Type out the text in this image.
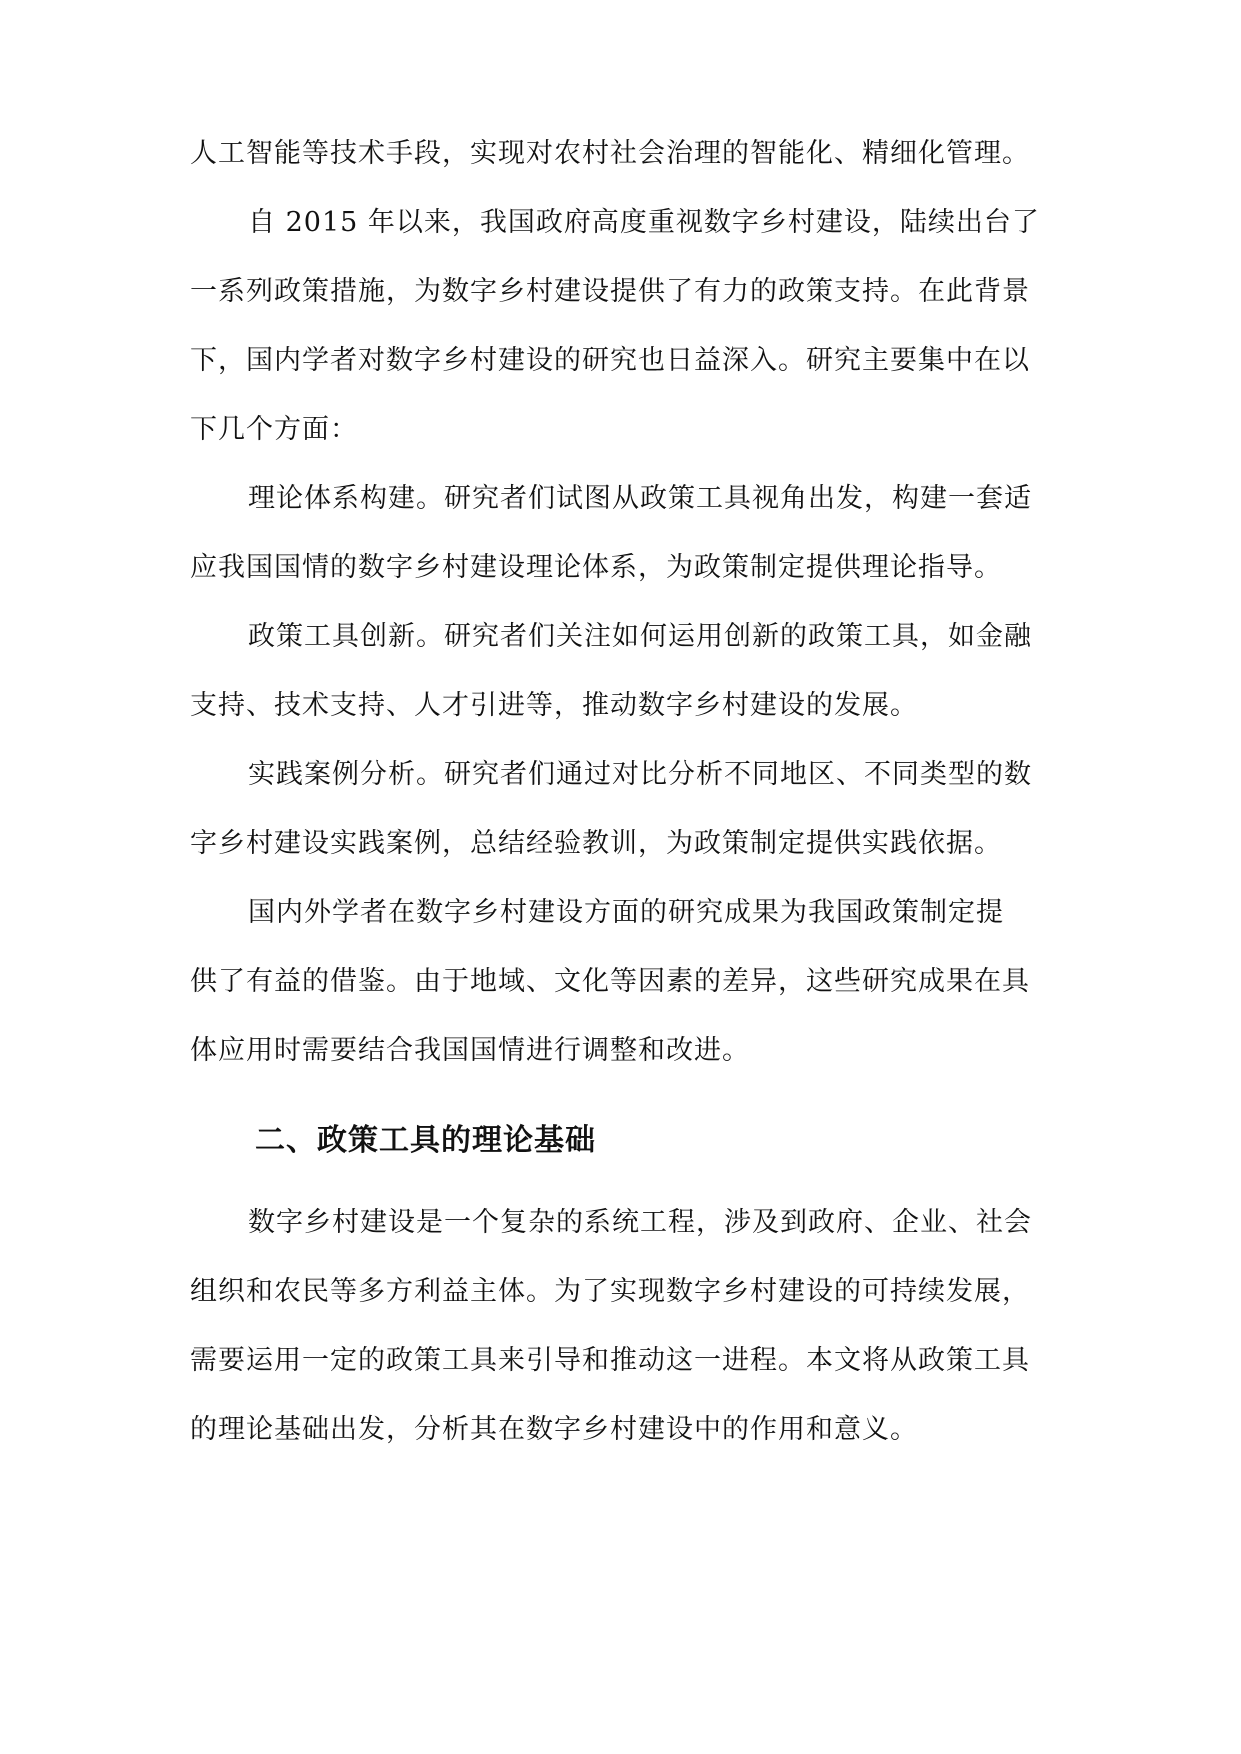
人工智能等技术手段，实现对农村社会治理的智能化、精细化管理。
自 2015 年以来，我国政府高度重视数字乡村建设，陆续出台了
一系列政策措施，为数字乡村建设提供了有力的政策支持。在此背景
下，国内学者对数字乡村建设的研究也日益深入。研究主要集中在以
下几个方面：
理论体系构建。研究者们试图从政策工具视角出发，构建一套适
应我国国情的数字乡村建设理论体系，为政策制定提供理论指导。
政策工具创新。研究者们关注如何运用创新的政策工具，如金融
支持、技术支持、人才引进等，推动数字乡村建设的发展。
实践案例分析。研究者们通过对比分析不同地区、不同类型的数
字乡村建设实践案例，总结经验教训，为政策制定提供实践依据。
国内外学者在数字乡村建设方面的研究成果为我国政策制定提
供了有益的借鉴。由于地域、文化等因素的差异，这些研究成果在具
体应用时需要结合我国国情进行调整和改进。
二、政策工具的理论基础
数字乡村建设是一个复杂的系统工程，涉及到政府、企业、社会
组织和农民等多方利益主体。为了实现数字乡村建设的可持续发展，
需要运用一定的政策工具来引导和推动这一进程。本文将从政策工具
的理论基础出发，分析其在数字乡村建设中的作用和意义。
